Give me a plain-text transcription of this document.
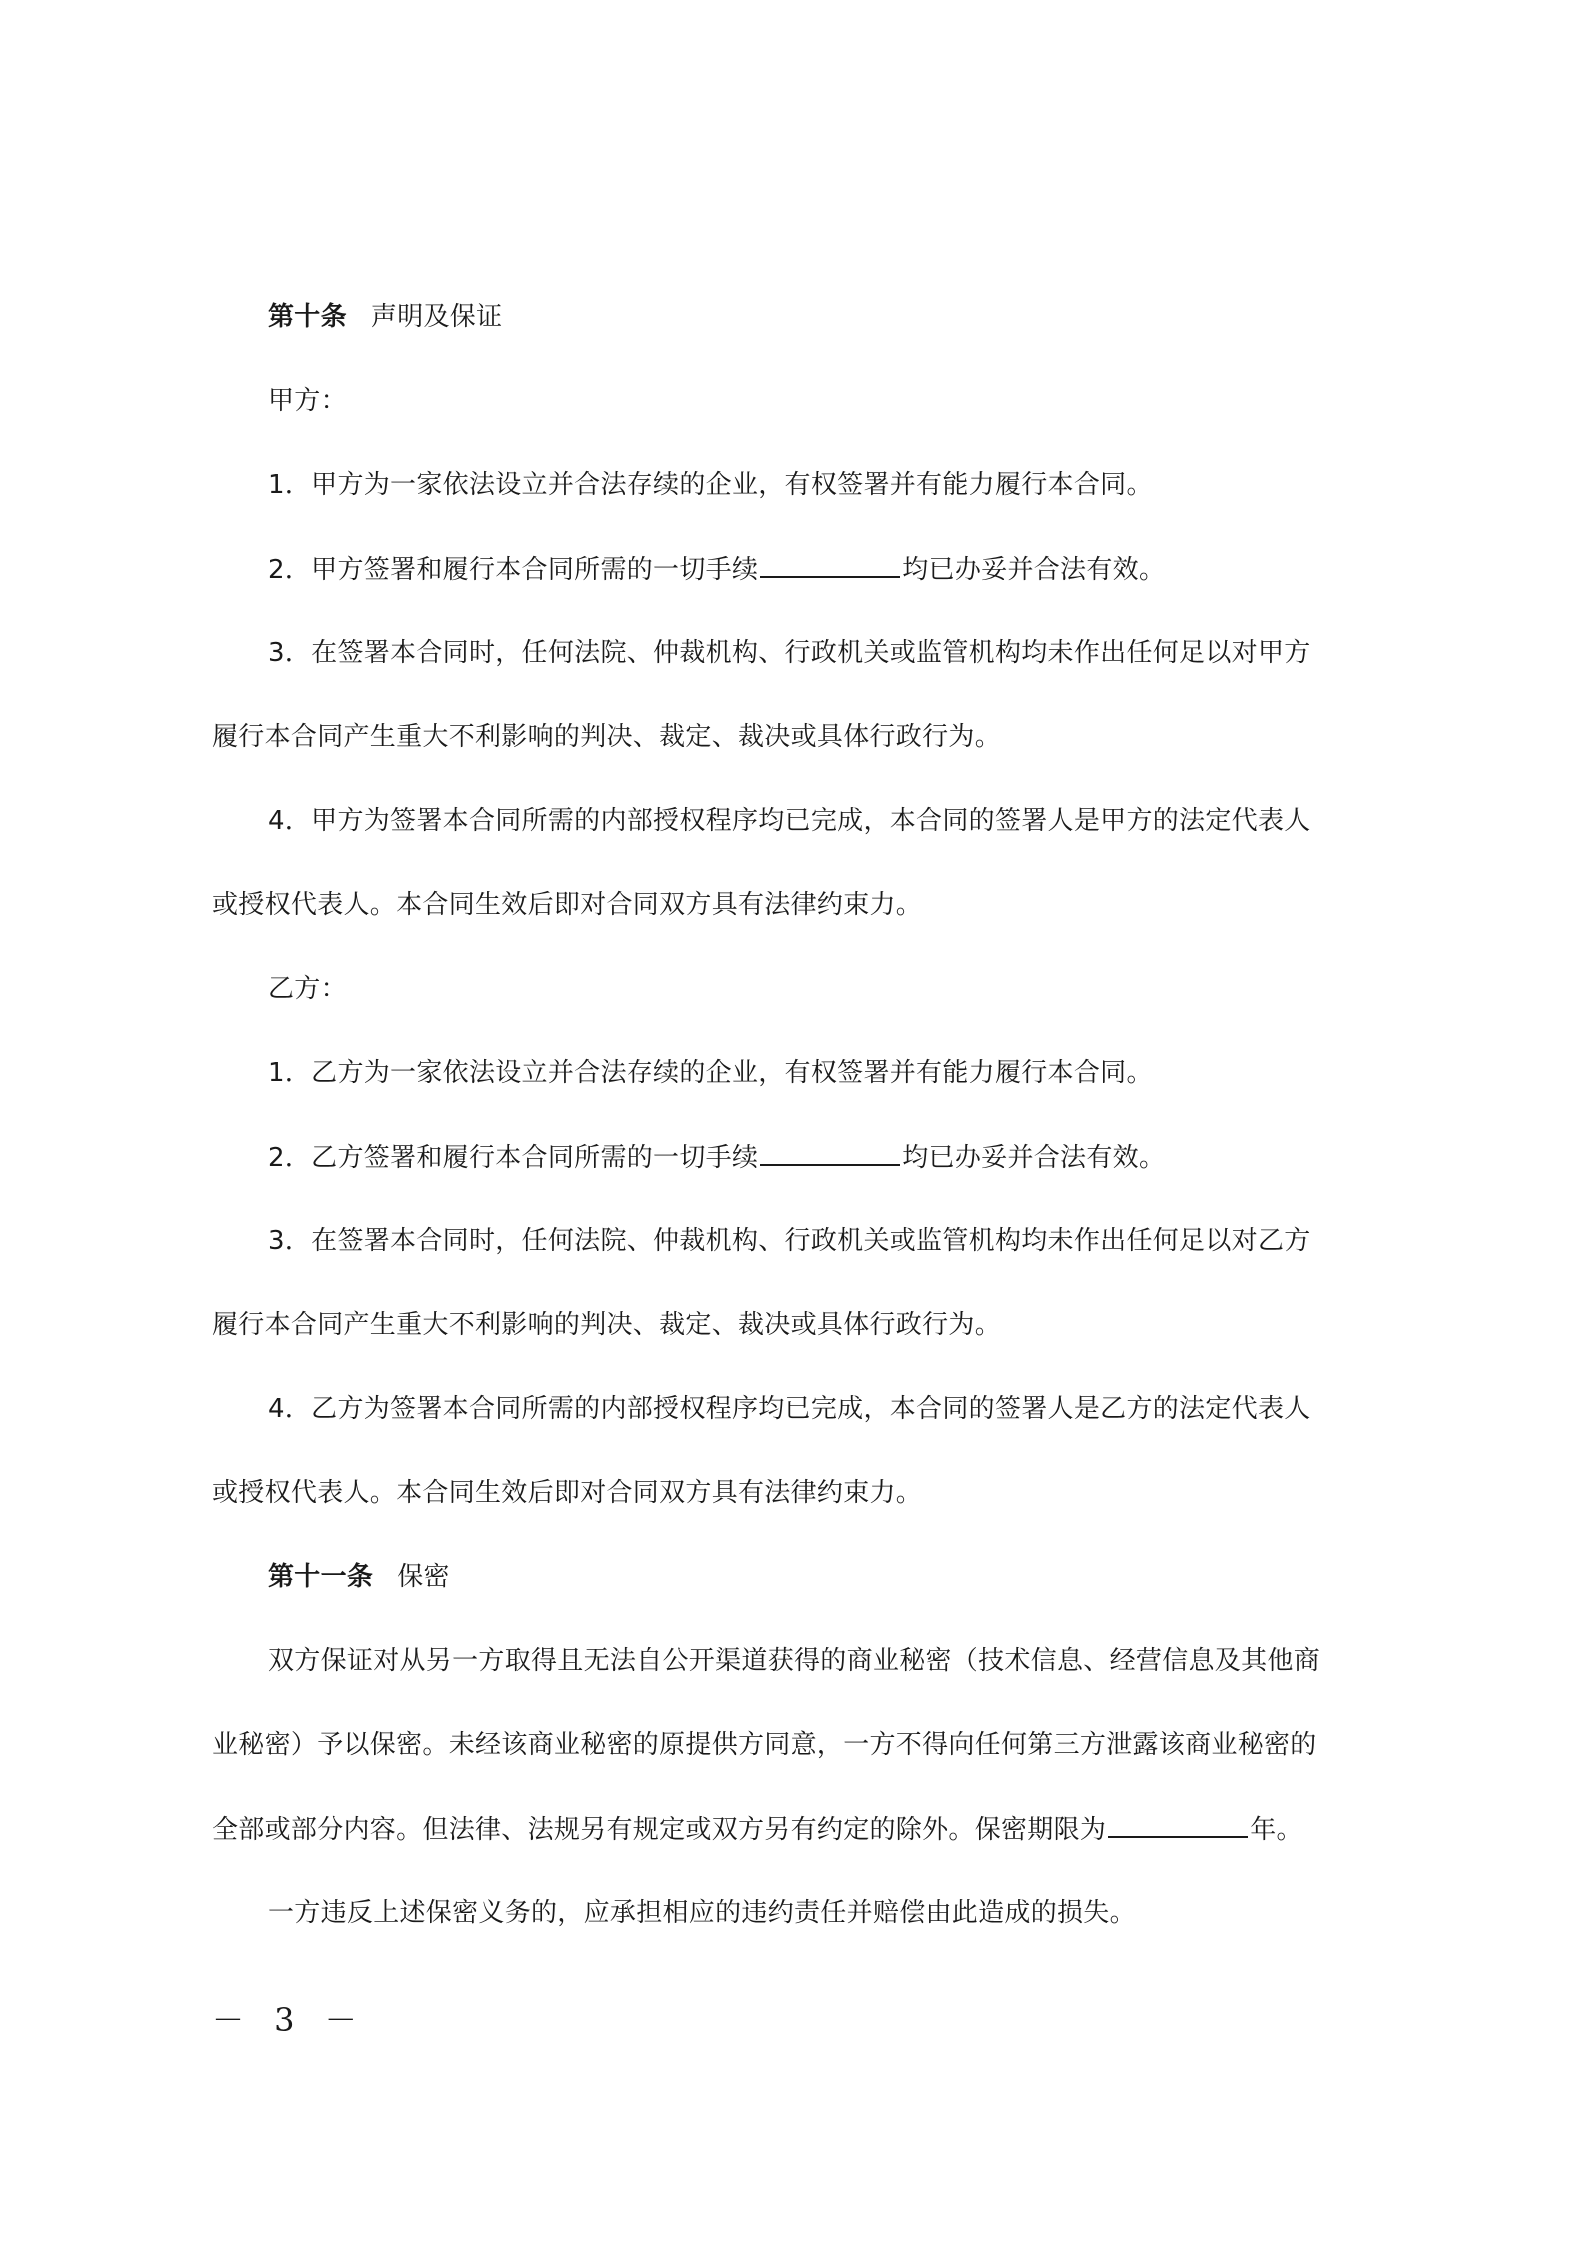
第十条 声明及保证
甲方：
1．甲方为一家依法设立并合法存续的企业，有权签署并有能力履行本合同。
2．甲方签署和履行本合同所需的一切手续	均已办妥并合法有效。
3．在签署本合同时，任何法院、仲裁机构、行政机关或监管机构均未作出任何足以对甲方
履行本合同产生重大不利影响的判决、裁定、裁决或具体行政行为。
4．甲方为签署本合同所需的内部授权程序均已完成，本合同的签署人是甲方的法定代表人
或授权代表人。本合同生效后即对合同双方具有法律约束力。
乙方：
1．乙方为一家依法设立并合法存续的企业，有权签署并有能力履行本合同。
2．乙方签署和履行本合同所需的一切手续	均已办妥并合法有效。
3．在签署本合同时，任何法院、仲裁机构、行政机关或监管机构均未作出任何足以对乙方
履行本合同产生重大不利影响的判决、裁定、裁决或具体行政行为。
4．乙方为签署本合同所需的内部授权程序均已完成，本合同的签署人是乙方的法定代表人
或授权代表人。本合同生效后即对合同双方具有法律约束力。
第十一条 保密
双方保证对从另一方取得且无法自公开渠道获得的商业秘密（技术信息、经营信息及其他商
业秘密）予以保密。未经该商业秘密的原提供方同意，一方不得向任何第三方泄露该商业秘密的
全部或部分内容。但法律、法规另有规定或双方另有约定的除外。保密期限为	年。
一方违反上述保密义务的，应承担相应的违约责任并赔偿由此造成的损失。
－ 3 －
